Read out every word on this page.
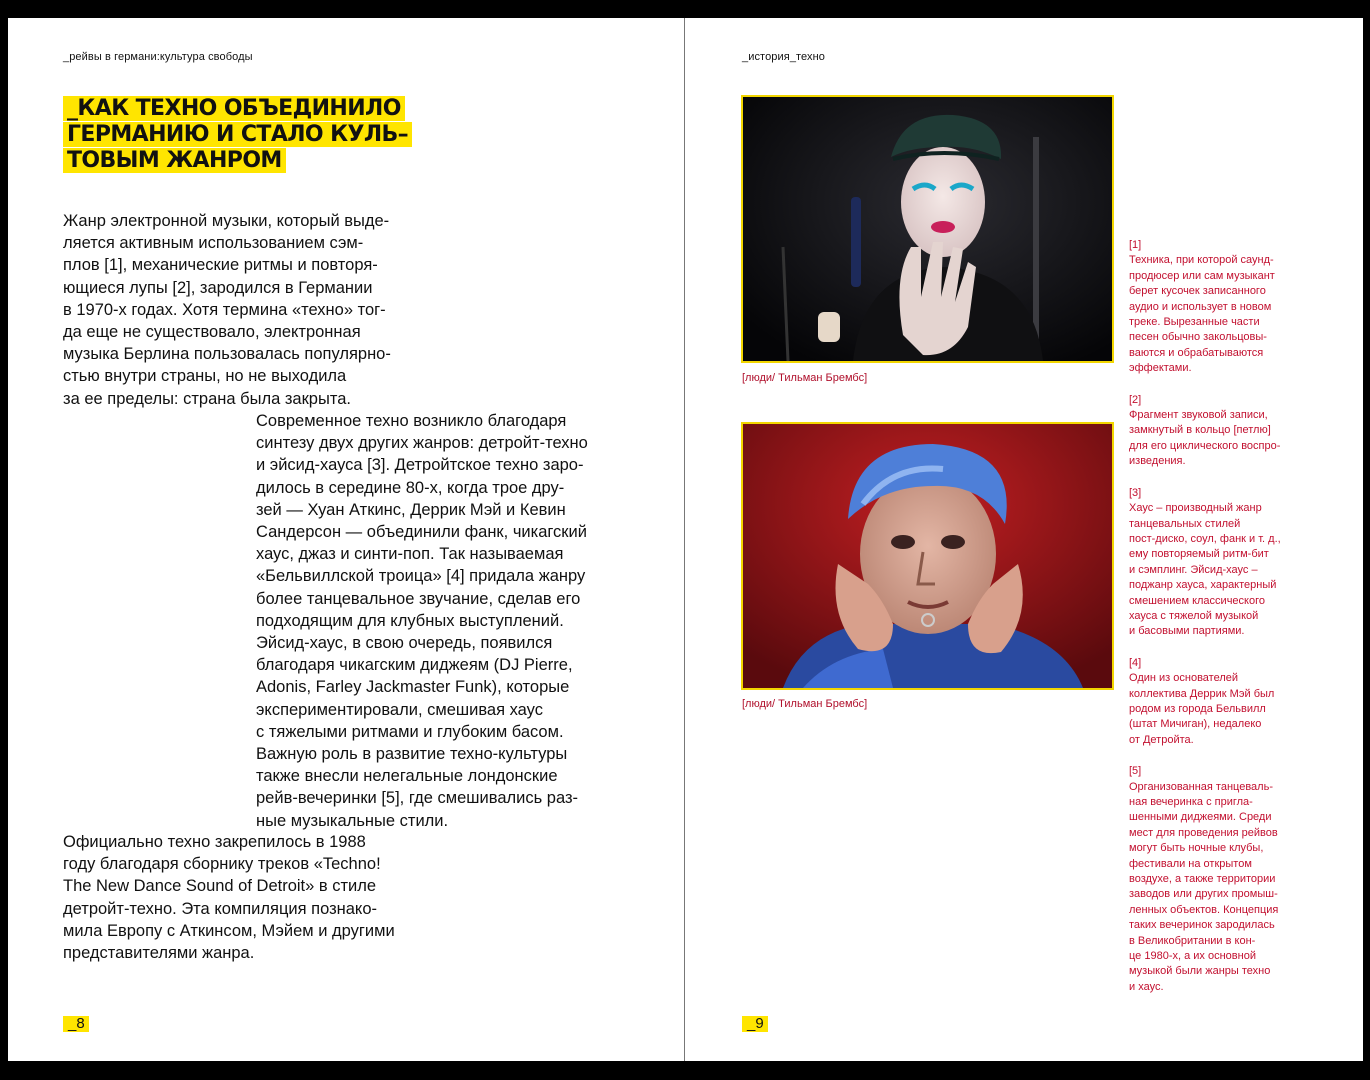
_рейвы в германи:культура свободы
_КАК ТЕХНО ОБЪЕДИНИЛО
ГЕРМАНИЮ И СТАЛО КУЛЬ–
ТОВЫМ ЖАНРОМ

Жанр электронной музыки, который выде-
ляется активным использованием сэм-
плов [1], механические ритмы и повторя-
ющиеся лупы [2], зародился в Германии
в 1970-х годах. Хотя термина «техно» тог-
да еще не существовало, электронная
музыка Берлина пользовалась популярно-
стью внутри страны, но не выходила
за ее пределы: страна была закрыта.

Современное техно возникло благодаря
синтезу двух других жанров: детройт-техно
и эйсид-хауса [3]. Детройтское техно заро-
дилось в середине 80-х, когда трое дру-
зей — Хуан Аткинс, Деррик Мэй и Кевин
Сандерсон — объединили фанк, чикагский
хаус, джаз и синти-поп. Так называемая
«Бельвиллской троица» [4] придала жанру
более танцевальное звучание, сделав его
подходящим для клубных выступлений.
Эйсид-хаус, в свою очередь, появился
благодаря чикагским диджеям (DJ Pierre,
Adonis, Farley Jackmaster Funk), которые
экспериментировали, смешивая хаус
с тяжелыми ритмами и глубоким басом.
Важную роль в развитие техно-культуры
также внесли нелегальные лондонские
рейв-вечеринки [5], где смешивались раз-
ные музыкальные стили.

Официально техно закрепилось в 1988
году благодаря сборнику треков «Techno!
The New Dance Sound of Detroit» в стиле
детройт-техно. Эта компиляция познако-
мила Европу с Аткинсом, Мэйем и другими
представителями жанра.

_8
_история_техно
[люди/ Тильман Брембс]
[люди/ Тильман Брембс]
[1]
Техника, при которой саунд-
продюсер или сам музыкант
берет кусочек записанного
аудио и использует в новом
треке. Вырезанные части
песен обычно закольцовы-
ваются и обрабатываются
эффектами.
[2]
Фрагмент звуковой записи,
замкнутый в кольцо [петлю]
для его циклического воспро-
изведения.
[3]
Хаус – производный жанр
танцевальных стилей
пост-диско, соул, фанк и т. д.,
ему повторяемый ритм-бит
и сэмплинг. Эйсид-хаус –
поджанр хауса, характерный
смешением классического
хауса с тяжелой музыкой
и басовыми партиями.
[4]
Один из основателей
коллектива Деррик Мэй был
родом из города Бельвилл
(штат Мичиган), недалеко
от Детройта.
[5]
Организованная танцеваль-
ная вечеринка с пригла-
шенными диджеями. Среди
мест для проведения рейвов
могут быть ночные клубы,
фестивали на открытом
воздухе, а также территории
заводов или других промыш-
ленных объектов. Концепция
таких вечеринок зародилась
в Великобритании в кон-
це 1980-х, а их основной
музыкой были жанры техно
и хаус.
_9
